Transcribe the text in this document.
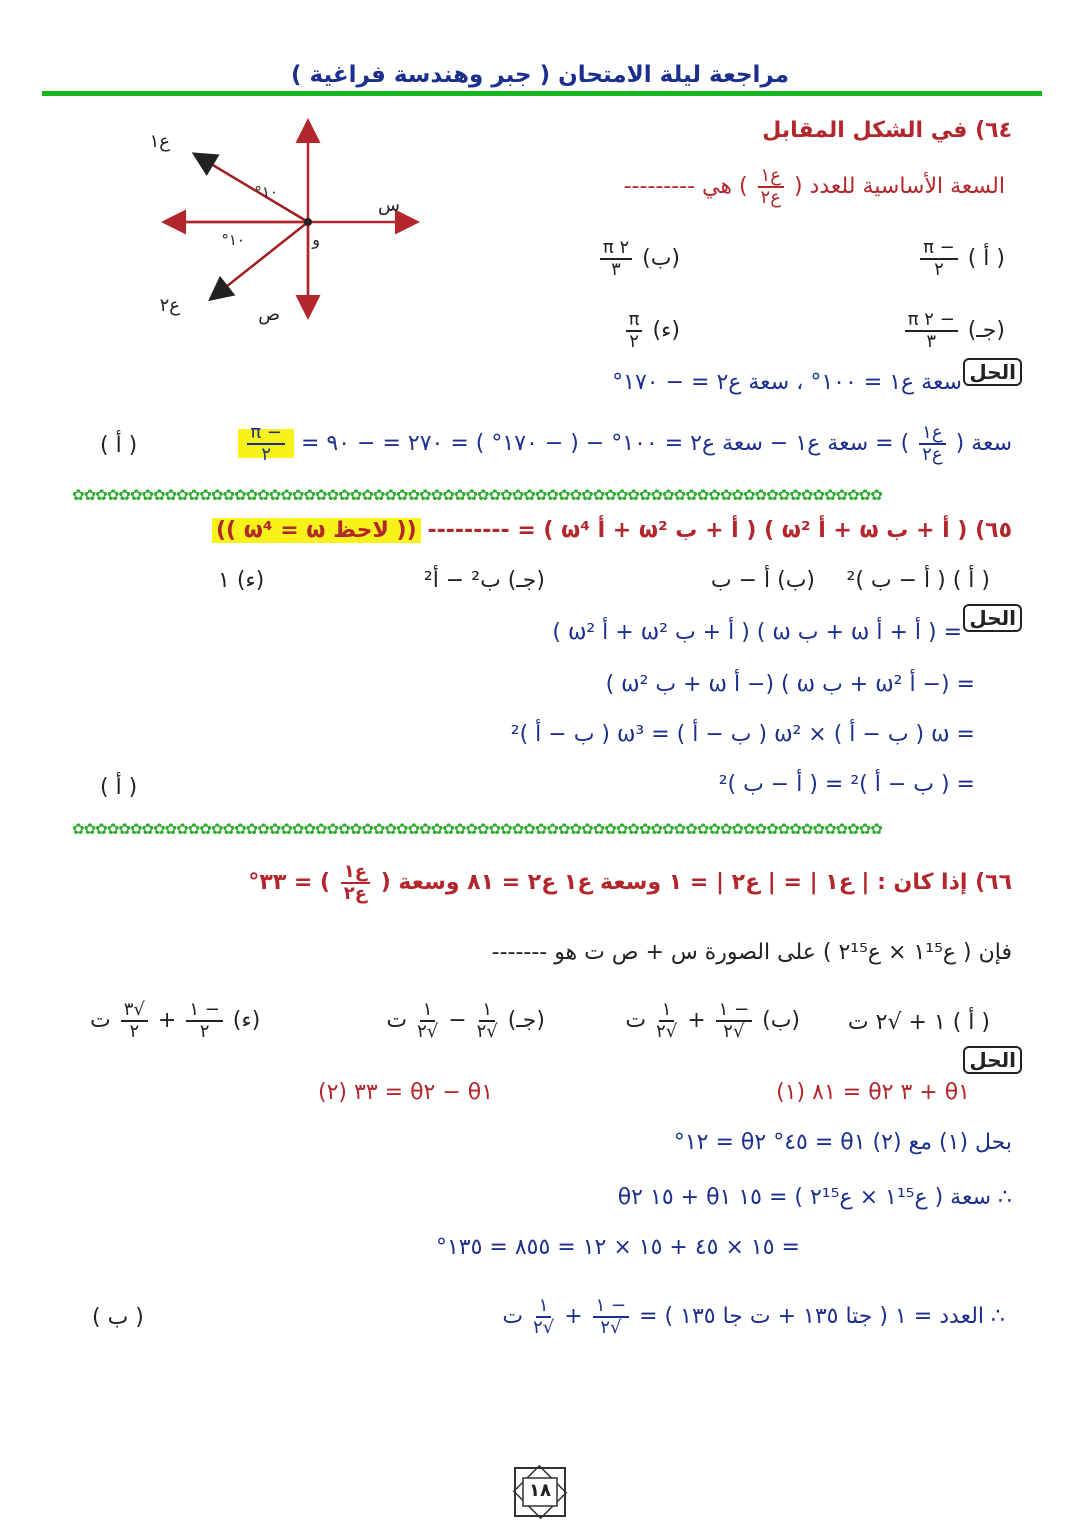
مراجعة ليلة الامتحان ( جبر وهندسة فراغية )
س
ص
و
ع١
ع٢
١٠°
١٠°
٦٤) في الشكل المقابل
السعة الأساسية للعدد (
$\frac{\text{ع١}}{\text{ع٢}}$
) هي ---------
( أ )
$\frac{- \pi}{٢}$
(ب)
$\frac{٢ \pi}{٣}$
(جـ)
$\frac{- ٢ \pi}{٣}$
(ء)
$\frac{\pi}{٢}$
الحل
سعة ع١ = ١٠٠° ، سعة ع٢ = − ١٧٠°
سعة (
$\frac{\text{ع١}}{\text{ع٢}}$
) = سعة ع١ − سعة ع٢ = ١٠٠° − ( − ١٧٠° ) = ٢٧٠ = − ٩٠ =
$\frac{- \pi}{٢}$
( أ )
✿✿✿✿✿✿✿✿✿✿✿✿✿✿✿✿✿✿✿✿✿✿✿✿✿✿✿✿✿✿✿✿✿✿✿✿✿✿✿✿✿✿✿✿✿✿✿✿✿✿✿✿✿✿✿✿✿✿✿✿✿✿✿✿✿✿✿✿✿✿
٦٥) ( أ + ب ω + أ ω² ) ( أ + ب ω² + أ ω⁴ ) = ---------
(( لاحظ ω⁴ = ω ))
( أ ) ( أ − ب )²
(ب) أ − ب
(جـ) ب² − أ²
(ء) ١
الحل
= ( أ + أ ω + ب ω ) ( أ + ب ω² + أ ω² )
= (− أ ω² + ب ω ) (− أ ω + ب ω² )
= ω ( ب − أ ) × ω² ( ب − أ ) = ω³ ( ب − أ )²
= ( ب − أ )² = ( أ − ب )²
( أ )
✿✿✿✿✿✿✿✿✿✿✿✿✿✿✿✿✿✿✿✿✿✿✿✿✿✿✿✿✿✿✿✿✿✿✿✿✿✿✿✿✿✿✿✿✿✿✿✿✿✿✿✿✿✿✿✿✿✿✿✿✿✿✿✿✿✿✿✿✿✿
٦٦) إذا كان : | ع١ | = | ع٢ | = ١ وسعة ع١ ع٢ = ٨١ وسعة (
$\frac{\text{ع١}}{\text{ع٢}}$
) = ٣٣°
فإن ( ع١¹⁵ × ع٢¹⁵ ) على الصورة س + ص ت هو -------
( أ ) ١ + √٢ ت
(ب)
$\frac{- ١}{√٢}$
+
$\frac{١}{√٢}$
ت
(جـ)
$\frac{١}{√٢}$
−
$\frac{١}{√٢}$
ت
(ء)
$\frac{- ١}{٢}$
+
$\frac{√٣}{٢}$
ت
الحل
θ١ + ٣ θ٢ = ٨١ (١)
θ١ − θ٢ = ٣٣ (٢)
بحل (١) مع (٢) θ١ = ٤٥° θ٢ = ١٢°
∴ سعة ( ع١¹⁵ × ع٢¹⁵ ) = ١٥ θ١ + ١٥ θ٢
= ١٥ × ٤٥ + ١٥ × ١٢ = ٨٥٥ = ١٣٥°
∴ العدد = ١ ( جتا ١٣٥ + ت جا ١٣٥ ) =
$\frac{- ١}{√٢}$
+
$\frac{١}{√٢}$
ت
( ب )
١٨
